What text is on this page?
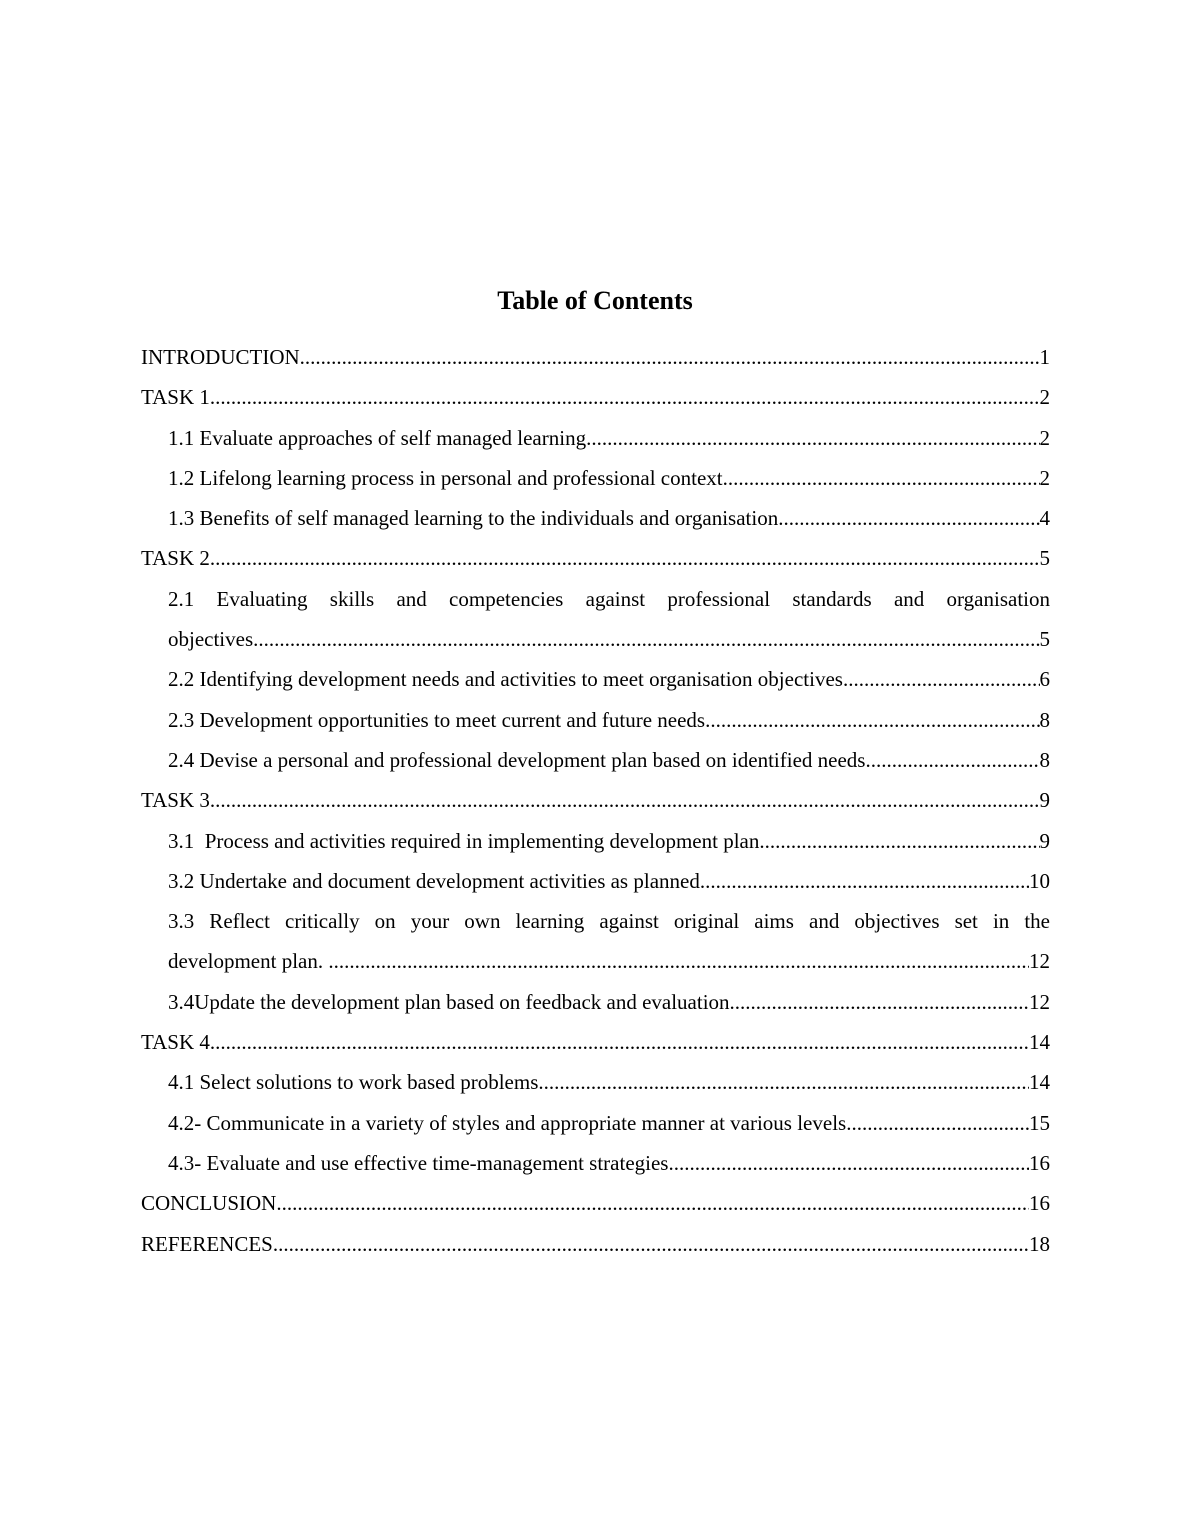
Table of Contents
INTRODUCTION .....	1
TASK 1 .....	2
1.1 Evaluate approaches of self managed learning .....	2
1.2 Lifelong learning process in personal and professional context .....	2
1.3 Benefits of self managed learning to the individuals and organisation .....	4
TASK 2 .....	5
2.1 Evaluating skills and competencies against professional standards and organisation
objectives .....	5
2.2 Identifying development needs and activities to meet organisation objectives .....	6
2.3 Development opportunities to meet current and future needs .....	8
2.4 Devise a personal and professional development plan based on identified needs .....	8
TASK 3 .....	9
3.1  Process and activities required in implementing development plan .....	9
3.2 Undertake and document development activities as planned .....	10
3.3 Reflect critically on your own learning against original aims and objectives set in the
development plan. .....	12
3.4Update the development plan based on feedback and evaluation .....	12
TASK 4 .....	14
4.1 Select solutions to work based problems .....	14
4.2- Communicate in a variety of styles and appropriate manner at various levels .....	15
4.3- Evaluate and use effective time-management strategies .....	16
CONCLUSION .....	16
REFERENCES .....	18
